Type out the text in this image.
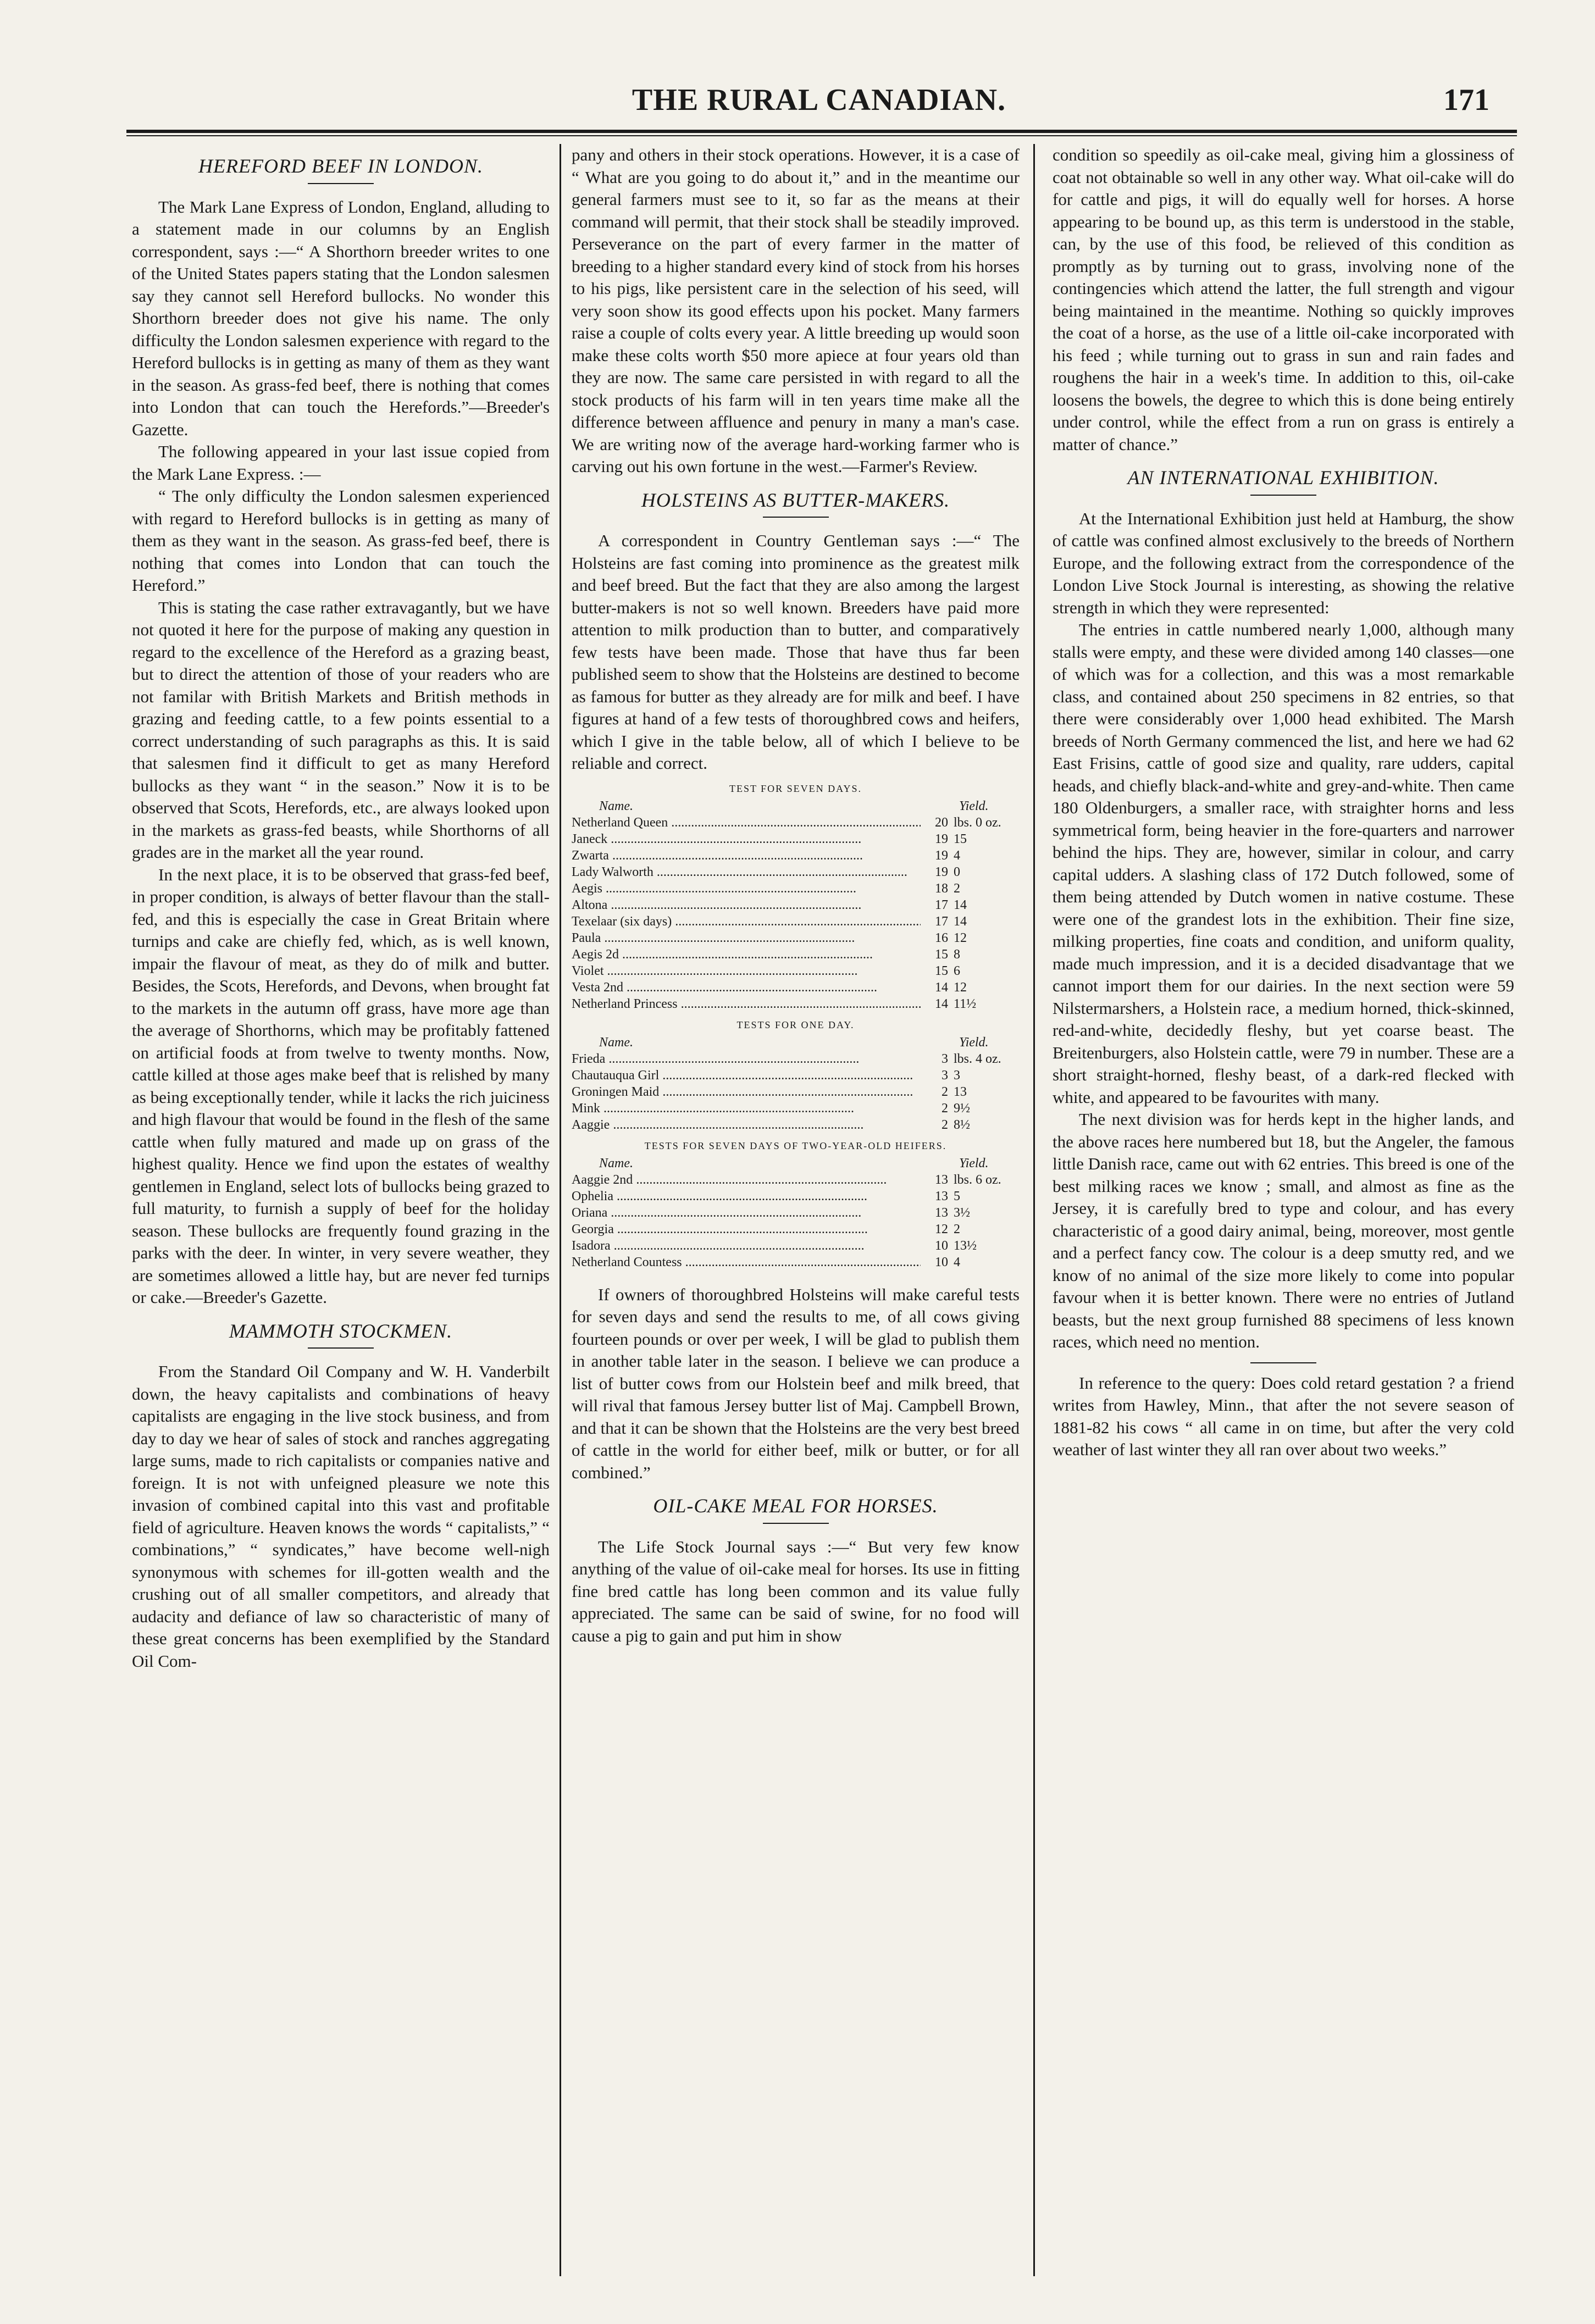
THE RURAL CANADIAN.	171
HEREFORD BEEF IN LONDON.

The Mark Lane Express of London, England, alluding to a statement made in our columns by an English correspondent, says :—“ A Shorthorn breeder writes to one of the United States papers stating that the London salesmen say they cannot sell Hereford bullocks. No wonder this Shorthorn breeder does not give his name. The only difficulty the London salesmen experience with regard to the Hereford bullocks is in getting as many of them as they want in the season. As grass-fed beef, there is nothing that comes into London that can touch the Herefords.”—Breeder's Gazette.

The following appeared in your last issue copied from the Mark Lane Express. :—

“ The only difficulty the London salesmen experienced with regard to Hereford bullocks is in getting as many of them as they want in the season. As grass-fed beef, there is nothing that comes into London that can touch the Hereford.”

This is stating the case rather extravagantly, but we have not quoted it here for the purpose of making any question in regard to the excellence of the Hereford as a grazing beast, but to direct the attention of those of your readers who are not familar with British Markets and British methods in grazing and feeding cattle, to a few points essential to a correct understanding of such paragraphs as this. It is said that salesmen find it difficult to get as many Hereford bullocks as they want “ in the season.” Now it is to be observed that Scots, Herefords, etc., are always looked upon in the markets as grass-fed beasts, while Shorthorns of all grades are in the market all the year round.

In the next place, it is to be observed that grass-fed beef, in proper condition, is always of better flavour than the stall-fed, and this is especially the case in Great Britain where turnips and cake are chiefly fed, which, as is well known, impair the flavour of meat, as they do of milk and butter. Besides, the Scots, Herefords, and Devons, when brought fat to the markets in the autumn off grass, have more age than the average of Shorthorns, which may be profitably fattened on artificial foods at from twelve to twenty months. Now, cattle killed at those ages make beef that is relished by many as being exceptionally tender, while it lacks the rich juiciness and high flavour that would be found in the flesh of the same cattle when fully matured and made up on grass of the highest quality. Hence we find upon the estates of wealthy gentlemen in England, select lots of bullocks being grazed to full maturity, to furnish a supply of beef for the holiday season. These bullocks are frequently found grazing in the parks with the deer. In winter, in very severe weather, they are sometimes allowed a little hay, but are never fed turnips or cake.—Breeder's Gazette.

MAMMOTH STOCKMEN.

From the Standard Oil Company and W. H. Vanderbilt down, the heavy capitalists and combinations of heavy capitalists are engaging in the live stock business, and from day to day we hear of sales of stock and ranches aggregating large sums, made to rich capitalists or companies native and foreign. It is not with unfeigned pleasure we note this invasion of combined capital into this vast and profitable field of agriculture. Heaven knows the words “ capitalists,” “ combinations,” “ syndicates,” have become well-nigh synonymous with schemes for ill-gotten wealth and the crushing out of all smaller competitors, and already that audacity and defiance of law so characteristic of many of these great concerns has been exemplified by the Standard Oil Com-

pany and others in their stock operations. However, it is a case of “ What are you going to do about it,” and in the meantime our general farmers must see to it, so far as the means at their command will permit, that their stock shall be steadily improved. Perseverance on the part of every farmer in the matter of breeding to a higher standard every kind of stock from his horses to his pigs, like persistent care in the selection of his seed, will very soon show its good effects upon his pocket. Many farmers raise a couple of colts every year. A little breeding up would soon make these colts worth $50 more apiece at four years old than they are now. The same care persisted in with regard to all the stock products of his farm will in ten years time make all the difference between affluence and penury in many a man's case. We are writing now of the average hard-working farmer who is carving out his own fortune in the west.—Farmer's Review.

HOLSTEINS AS BUTTER-MAKERS.

A correspondent in Country Gentleman says :—“ The Holsteins are fast coming into prominence as the greatest milk and beef breed. But the fact that they are also among the largest butter-makers is not so well known. Breeders have paid more attention to milk production than to butter, and comparatively few tests have been made. Those that have thus far been published seem to show that the Holsteins are destined to become as famous for butter as they already are for milk and beef. I have figures at hand of a few tests of thoroughbred cows and heifers, which I give in the table below, all of which I believe to be reliable and correct.

TEST FOR SEVEN DAYS.
Name.	Yield.
Netherland Queen .....	20 lbs. 0 oz.
Janeck .....	19 15
Zwarta .....	19 4
Lady Walworth .....	19 0
Aegis .....	18 2
Altona .....	17 14
Texelaar (six days) .....	17 14
Paula .....	16 12
Aegis 2d .....	15 8
Violet .....	15 6
Vesta 2nd .....	14 12
Netherland Princess .....	14 11½
TESTS FOR ONE DAY.
Name.	Yield.
Frieda .....	3 lbs. 4 oz.
Chautauqua Girl .....	3 3
Groningen Maid .....	2 13
Mink .....	2 9½
Aaggie .....	2 8½
TESTS FOR SEVEN DAYS OF TWO-YEAR-OLD HEIFERS.
Name.	Yield.
Aaggie 2nd .....	13 lbs. 6 oz.
Ophelia .....	13 5
Oriana .....	13 3½
Georgia .....	12 2
Isadora .....	10 13½
Netherland Countess .....	10 4

If owners of thoroughbred Holsteins will make careful tests for seven days and send the results to me, of all cows giving fourteen pounds or over per week, I will be glad to publish them in another table later in the season. I believe we can produce a list of butter cows from our Holstein beef and milk breed, that will rival that famous Jersey butter list of Maj. Campbell Brown, and that it can be shown that the Holsteins are the very best breed of cattle in the world for either beef, milk or butter, or for all combined.”

OIL-CAKE MEAL FOR HORSES.

The Life Stock Journal says :—“ But very few know anything of the value of oil-cake meal for horses. Its use in fitting fine bred cattle has long been common and its value fully appreciated. The same can be said of swine, for no food will cause a pig to gain and put him in show

condition so speedily as oil-cake meal, giving him a glossiness of coat not obtainable so well in any other way. What oil-cake will do for cattle and pigs, it will do equally well for horses. A horse appearing to be bound up, as this term is understood in the stable, can, by the use of this food, be relieved of this condition as promptly as by turning out to grass, involving none of the contingencies which attend the latter, the full strength and vigour being maintained in the meantime. Nothing so quickly improves the coat of a horse, as the use of a little oil-cake incorporated with his feed ; while turning out to grass in sun and rain fades and roughens the hair in a week's time. In addition to this, oil-cake loosens the bowels, the degree to which this is done being entirely under control, while the effect from a run on grass is entirely a matter of chance.”

AN INTERNATIONAL EXHIBITION.

At the International Exhibition just held at Hamburg, the show of cattle was confined almost exclusively to the breeds of Northern Europe, and the following extract from the correspondence of the London Live Stock Journal is interesting, as showing the relative strength in which they were represented:

The entries in cattle numbered nearly 1,000, although many stalls were empty, and these were divided among 140 classes—one of which was for a collection, and this was a most remarkable class, and contained about 250 specimens in 82 entries, so that there were considerably over 1,000 head exhibited. The Marsh breeds of North Germany commenced the list, and here we had 62 East Frisins, cattle of good size and quality, rare udders, capital heads, and chiefly black-and-white and grey-and-white. Then came 180 Oldenburgers, a smaller race, with straighter horns and less symmetrical form, being heavier in the fore-quarters and narrower behind the hips. They are, however, similar in colour, and carry capital udders. A slashing class of 172 Dutch followed, some of them being attended by Dutch women in native costume. These were one of the grandest lots in the exhibition. Their fine size, milking properties, fine coats and condition, and uniform quality, made much impression, and it is a decided disadvantage that we cannot import them for our dairies. In the next section were 59 Nilstermarshers, a Holstein race, a medium horned, thick-skinned, red-and-white, decidedly fleshy, but yet coarse beast. The Breitenburgers, also Holstein cattle, were 79 in number. These are a short straight-horned, fleshy beast, of a dark-red flecked with white, and appeared to be favourites with many.

The next division was for herds kept in the higher lands, and the above races here numbered but 18, but the Angeler, the famous little Danish race, came out with 62 entries. This breed is one of the best milking races we know ; small, and almost as fine as the Jersey, it is carefully bred to type and colour, and has every characteristic of a good dairy animal, being, moreover, most gentle and a perfect fancy cow. The colour is a deep smutty red, and we know of no animal of the size more likely to come into popular favour when it is better known. There were no entries of Jutland beasts, but the next group furnished 88 specimens of less known races, which need no mention.

In reference to the query: Does cold retard gestation ? a friend writes from Hawley, Minn., that after the not severe season of 1881-82 his cows “ all came in on time, but after the very cold weather of last winter they all ran over about two weeks.”
